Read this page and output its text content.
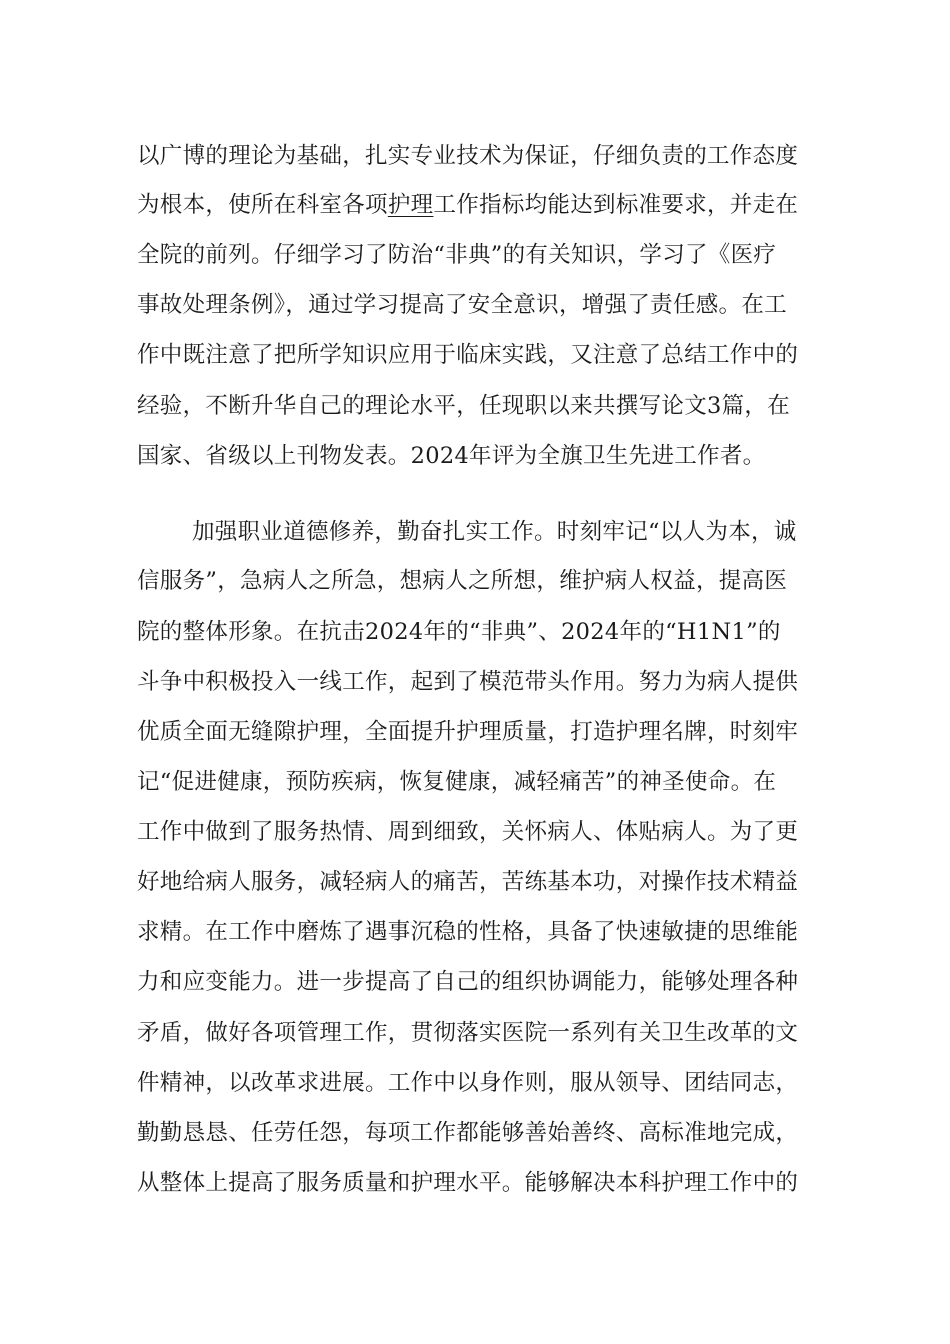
以广博的理论为基础，扎实专业技术为保证，仔细负责的工作态度
为根本，使所在科室各项护理工作指标均能达到标准要求，并走在
全院的前列。仔细学习了防治“非典”的有关知识，学习了《医疗
事故处理条例》，通过学习提高了安全意识，增强了责任感。在工
作中既注意了把所学知识应用于临床实践，又注意了总结工作中的
经验，不断升华自己的理论水平，任现职以来共撰写论文3篇，在
国家、省级以上刊物发表。2024年评为全旗卫生先进工作者。
加强职业道德修养，勤奋扎实工作。时刻牢记“以人为本，诚
信服务”，急病人之所急，想病人之所想，维护病人权益，提高医
院的整体形象。在抗击2024年的“非典”、2024年的“H1N1”的
斗争中积极投入一线工作，起到了模范带头作用。努力为病人提供
优质全面无缝隙护理，全面提升护理质量，打造护理名牌，时刻牢
记“促进健康，预防疾病，恢复健康，减轻痛苦”的神圣使命。在
工作中做到了服务热情、周到细致，关怀病人、体贴病人。为了更
好地给病人服务，减轻病人的痛苦，苦练基本功，对操作技术精益
求精。在工作中磨炼了遇事沉稳的性格，具备了快速敏捷的思维能
力和应变能力。进一步提高了自己的组织协调能力，能够处理各种
矛盾，做好各项管理工作，贯彻落实医院一系列有关卫生改革的文
件精神，以改革求进展。工作中以身作则，服从领导、团结同志，
勤勤恳恳、任劳任怨，每项工作都能够善始善终、高标准地完成，
从整体上提高了服务质量和护理水平。能够解决本科护理工作中的
